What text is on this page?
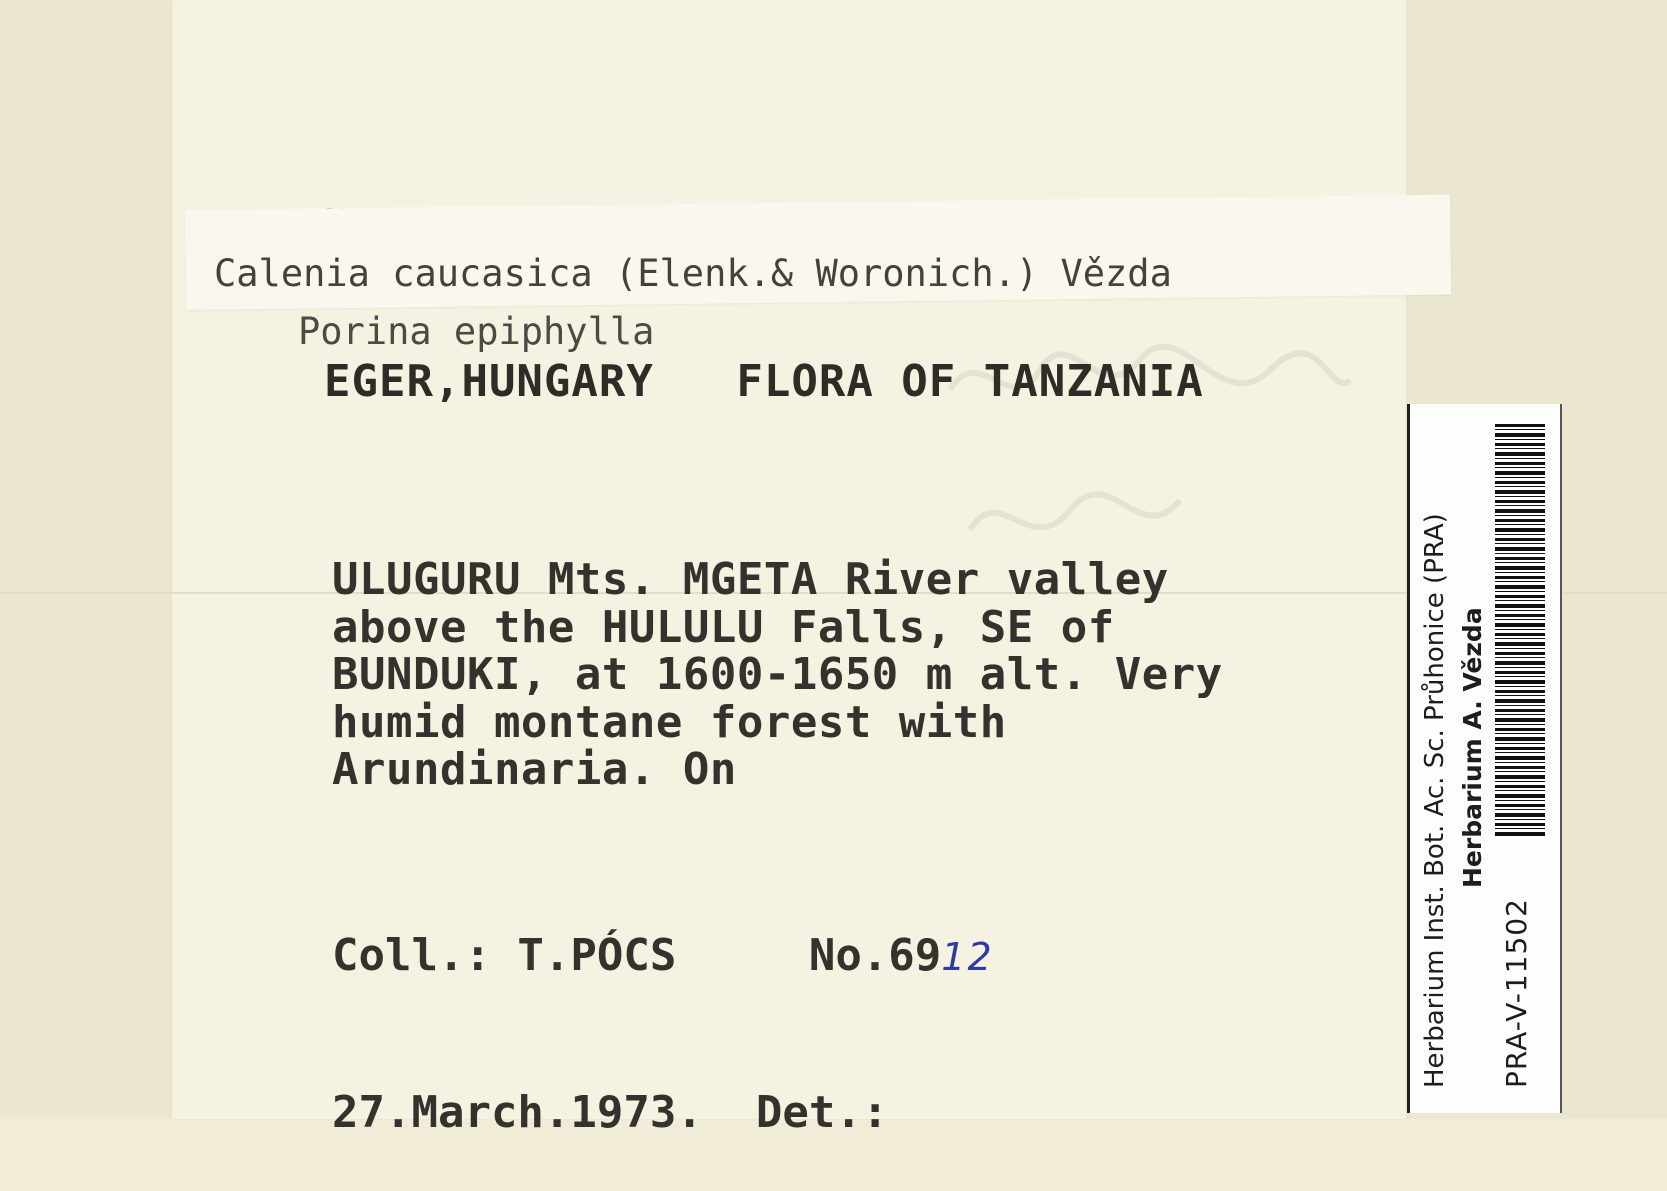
EGER,HUNGARY   FLORA OF TANZANIA

Calenia caucasica (Elenk.& Woronich.) Vězda
Porina epiphylla
ULUGURU Mts. MGETA River valley
above the HULULU Falls, SE of
BUNDUKI, at 1600-1650 m alt. Very
humid montane forest with
Arundinaria. On

Coll.: T.PÓCS	No.6912

27.March.1973. Det.:

Herbarium Inst. Bot. Ac. Sc. Průhonice (PRA) Herbarium A. Vězda
PRA-V-11502
